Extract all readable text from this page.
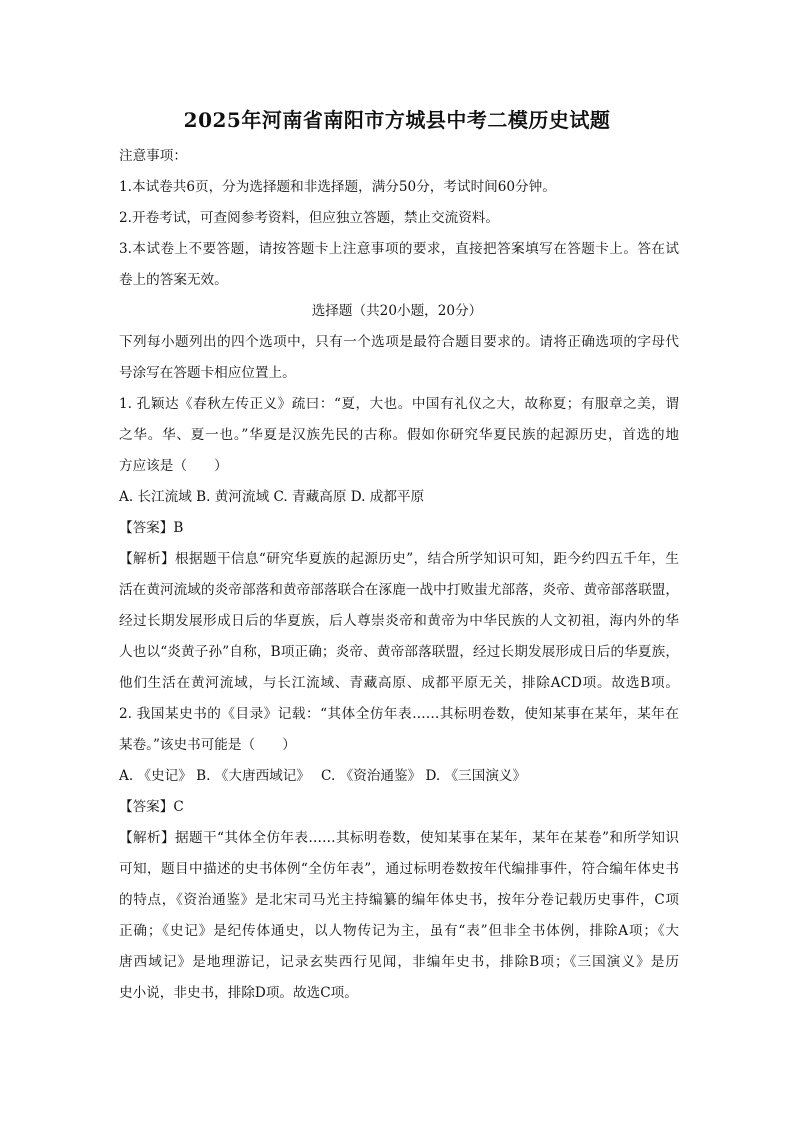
2025年河南省南阳市方城县中考二模历史试题
注意事项：
1.本试卷共6页，分为选择题和非选择题，满分50分，考试时间60分钟。
2.开卷考试，可查阅参考资料，但应独立答题，禁止交流资料。
3.本试卷上不要答题，请按答题卡上注意事项的要求，直接把答案填写在答题卡上。答在试
卷上的答案无效。
选择题（共20小题，20分）
下列每小题列出的四个选项中，只有一个选项是最符合题目要求的。请将正确选项的字母代
号涂写在答题卡相应位置上。
1. 孔颖达《春秋左传正义》疏曰：“夏，大也。中国有礼仪之大，故称夏；有服章之美，谓
之华。华、夏一也。”华夏是汉族先民的古称。假如你研究华夏民族的起源历史，首选的地
方应该是（　　）
A. 长江流域 B. 黄河流域 C. 青藏高原 D. 成都平原
【答案】B
【解析】根据题干信息“研究华夏族的起源历史”，结合所学知识可知，距今约四五千年，生
活在黄河流域的炎帝部落和黄帝部落联合在涿鹿一战中打败蚩尤部落，炎帝、黄帝部落联盟，
经过长期发展形成日后的华夏族，后人尊崇炎帝和黄帝为中华民族的人文初祖，海内外的华
人也以“炎黄子孙”自称，B项正确；炎帝、黄帝部落联盟，经过长期发展形成日后的华夏族，
他们生活在黄河流域，与长江流域、青藏高原、成都平原无关，排除ACD项。故选B项。
2. 我国某史书的《目录》记载：“其体全仿年表……其标明卷数，使知某事在某年，某年在
某卷。”该史书可能是（　　）
A. 《史记》 B. 《大唐西域记》　 C. 《资治通鉴》 D. 《三国演义》
【答案】C
【解析】据题干“其体全仿年表……其标明卷数，使知某事在某年，某年在某卷”和所学知识
可知，题目中描述的史书体例“全仿年表”，通过标明卷数按年代编排事件，符合编年体史书
的特点，《资治通鉴》是北宋司马光主持编纂的编年体史书，按年分卷记载历史事件，C项
正确；《史记》是纪传体通史，以人物传记为主，虽有“表”但非全书体例，排除A项；《大
唐西域记》是地理游记，记录玄奘西行见闻，非编年史书，排除B项；《三国演义》是历
史小说，非史书，排除D项。故选C项。
